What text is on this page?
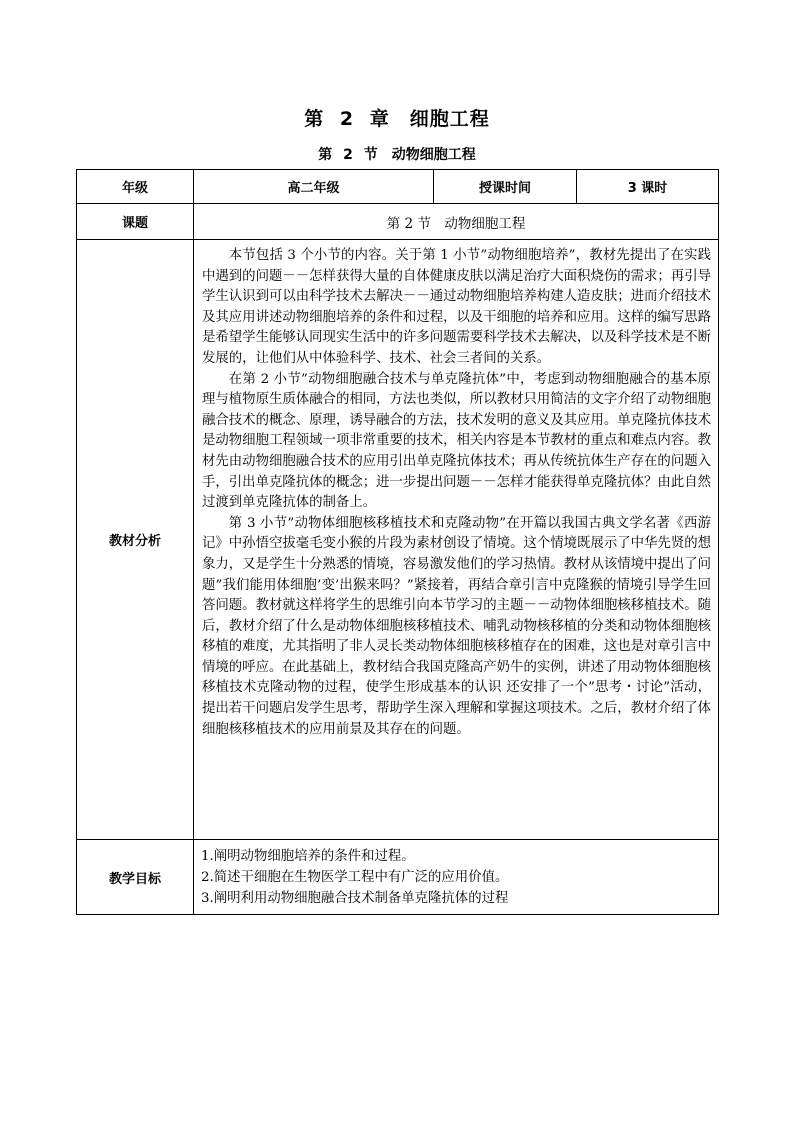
第 2 章　细胞工程
第 2 节　动物细胞工程
年级	高二年级	授课时间	3 课时
课题	第 2 节　动物细胞工程		
教材分析	本节包括 3 个小节的内容。关于第 1 小节”动物细胞培养”，教材先提出了在实践中遇到的问题－－怎样获得大量的自体健康皮肤以满足治疗大面积烧伤的需求；再引导学生认识到可以由科学技术去解决－－通过动物细胞培养构建人造皮肤；进而介绍技术及其应用讲述动物细胞培养的条件和过程，以及干细胞的培养和应用。这样的编写思路是希望学生能够认同现实生活中的许多问题需要科学技术去解决，以及科学技术是不断发展的，让他们从中体验科学、技术、社会三者间的关系。

在第 2 小节”动物细胞融合技术与单克隆抗体”中，考虑到动物细胞融合的基本原理与植物原生质体融合的相同，方法也类似，所以教材只用简洁的文字介绍了动物细胞融合技术的概念、原理，诱导融合的方法，技术发明的意义及其应用。单克隆抗体技术是动物细胞工程领域一项非常重要的技术，相关内容是本节教材的重点和难点内容。教材先由动物细胞融合技术的应用引出单克隆抗体技术；再从传统抗体生产存在的问题入手，引出单克隆抗体的概念；进一步提出问题－－怎样才能获得单克隆抗体？由此自然过渡到单克隆抗体的制备上。

第 3 小节”动物体细胞核移植技术和克隆动物”在开篇以我国古典文学名著《西游记》中孙悟空拔毫毛变小猴的片段为素材创设了情境。这个情境既展示了中华先贤的想象力，又是学生十分熟悉的情境，容易激发他们的学习热情。教材从该情境中提出了问题”我们能用体细胞’变’出猴来吗？”紧接着，再结合章引言中克隆猴的情境引导学生回答问题。教材就这样将学生的思维引向本节学习的主题－－动物体细胞核移植技术。随后，教材介绍了什么是动物体细胞核移植技术、哺乳动物核移植的分类和动物体细胞核移植的难度，尤其指明了非人灵长类动物体细胞核移植存在的困难，这也是对章引言中情境的呼应。在此基础上，教材结合我国克隆高产奶牛的实例，讲述了用动物体细胞核移植技术克隆动物的过程，使学生形成基本的认识 还安排了一个”思考・讨论”活动，提出若干问题启发学生思考，帮助学生深入理解和掌握这项技术。之后，教材介绍了体细胞核移植技术的应用前景及其存在的问题。		

教学目标	1.阐明动物细胞培养的条件和过程。
2.简述干细胞在生物医学工程中有广泛的应用价值。
3.阐明利用动物细胞融合技术制备单克隆抗体的过程		
